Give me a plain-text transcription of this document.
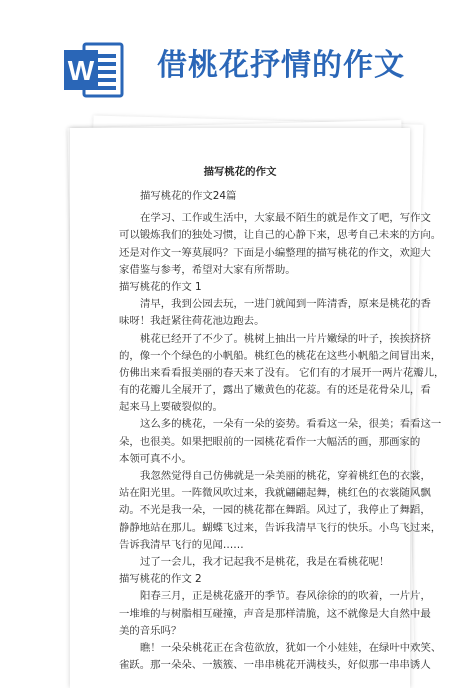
W 借桃花抒情的作文
描写桃花的作文
描写桃花的作文24篇
在学习、工作或生活中，大家最不陌生的就是作文了吧，写作文
可以锻炼我们的独处习惯，让自己的心静下来，思考自己未来的方向。
还是对作文一筹莫展吗？下面是小编整理的描写桃花的作文，欢迎大
家借鉴与参考，希望对大家有所帮助。
描写桃花的作文 1
清早，我到公园去玩，一进门就闻到一阵清香，原来是桃花的香
味呀！我赶紧往荷花池边跑去。
桃花已经开了不少了。桃树上抽出一片片嫩绿的叶子，挨挨挤挤
的，像一个个绿色的小帆船。桃红色的桃花在这些小帆船之间冒出来，
仿佛出来看看报美丽的春天来了没有。 它们有的才展开一两片花瓣儿，
有的花瓣儿全展开了，露出了嫩黄色的花蕊。有的还是花骨朵儿，看
起来马上要破裂似的。
这么多的桃花，一朵有一朵的姿势。看看这一朵，很美；看看这一
朵，也很美。如果把眼前的一园桃花看作一大幅活的画，那画家的
本领可真不小。
我忽然觉得自己仿佛就是一朵美丽的桃花，穿着桃红色的衣裳，
站在阳光里。一阵微风吹过来，我就翩翩起舞，桃红色的衣裳随风飘
动。不光是我一朵，一园的桃花都在舞蹈。风过了，我停止了舞蹈，
静静地站在那儿。蝴蝶飞过来，告诉我清早飞行的快乐。小鸟飞过来，
告诉我清早飞行的见闻……
过了一会儿，我才记起我不是桃花，我是在看桃花呢！
描写桃花的作文 2
阳春三月，正是桃花盛开的季节。春风徐徐的的吹着，一片片，
一堆堆的与树脂相互碰撞，声音是那样清脆，这不就像是大自然中最
美的音乐吗？
瞧！一朵朵桃花正在含苞欲放，犹如一个小娃娃，在绿叶中欢笑、
雀跃。那一朵朵、一簇簇、一串串桃花开满枝头，好似那一串串诱人
